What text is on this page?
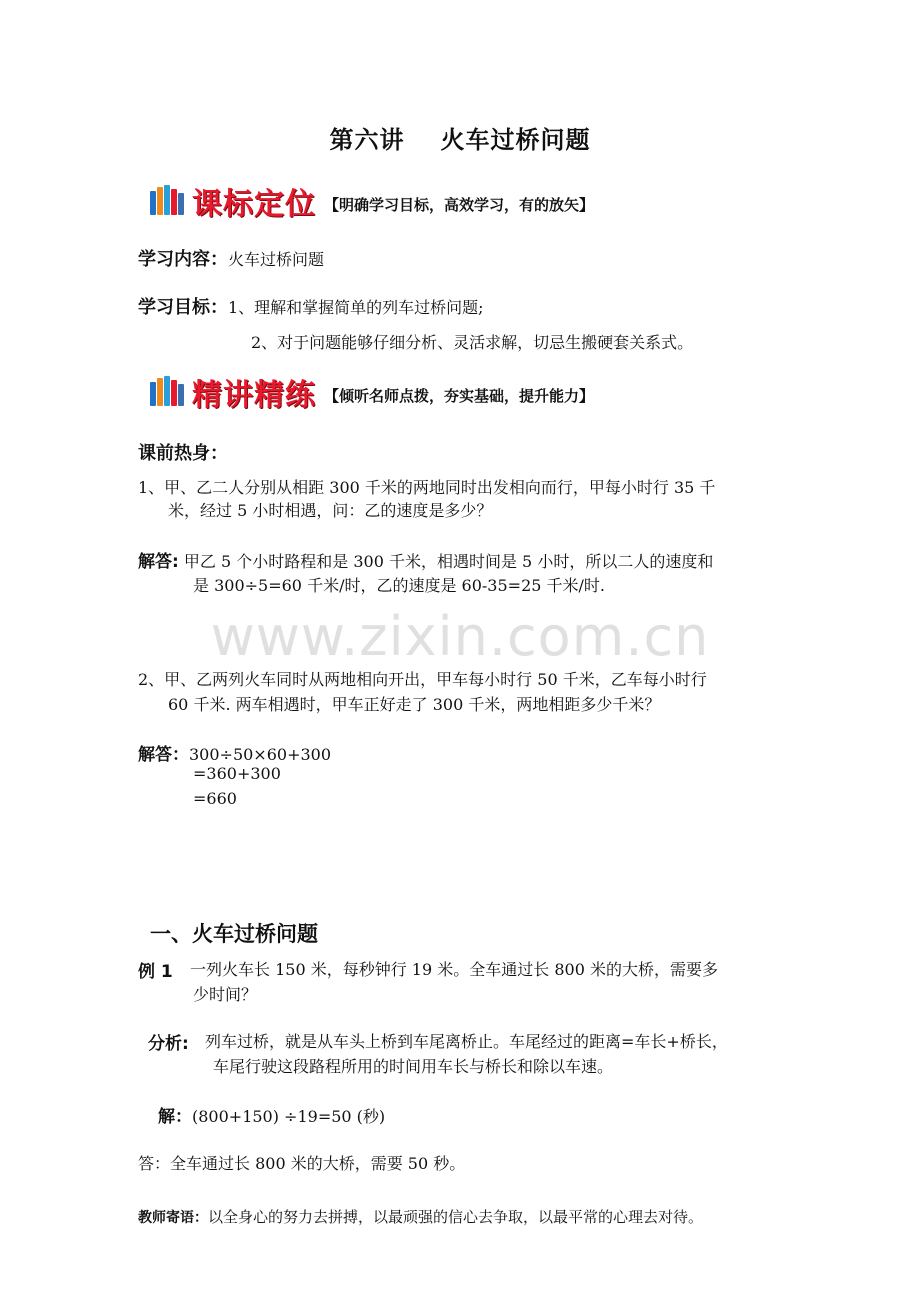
第六讲 火车过桥问题
课标定位 【明确学习目标，高效学习，有的放矢】
学习内容：火车过桥问题
学习目标：1、理解和掌握简单的列车过桥问题;
2、对于问题能够仔细分析、灵活求解，切忌生搬硬套关系式。
精讲精练 【倾听名师点拨，夯实基础，提升能力】
课前热身：
1、甲、乙二人分别从相距 300 千米的两地同时出发相向而行，甲每小时行 35 千
米，经过 5 小时相遇，问：乙的速度是多少？
解答: 甲乙 5 个小时路程和是 300 千米，相遇时间是 5 小时，所以二人的速度和
是 300÷5=60 千米/时，乙的速度是 60-35=25 千米/时.
www.zixin.com.cn
2、甲、乙两列火车同时从两地相向开出，甲车每小时行 50 千米，乙车每小时行
60 千米. 两车相遇时，甲车正好走了 300 千米，两地相距多少千米？
解答：300÷50×60+300
=360+300
=660
一、火车过桥问题
例 1 一列火车长 150 米，每秒钟行 19 米。全车通过长 800 米的大桥，需要多
少时间？
分析: 列车过桥，就是从车头上桥到车尾离桥止。车尾经过的距离=车长+桥长，
车尾行驶这段路程所用的时间用车长与桥长和除以车速。
解：(800+150) ÷19=50 (秒)
答：全车通过长 800 米的大桥，需要 50 秒。
教师寄语：以全身心的努力去拼搏，以最顽强的信心去争取，以最平常的心理去对待。
